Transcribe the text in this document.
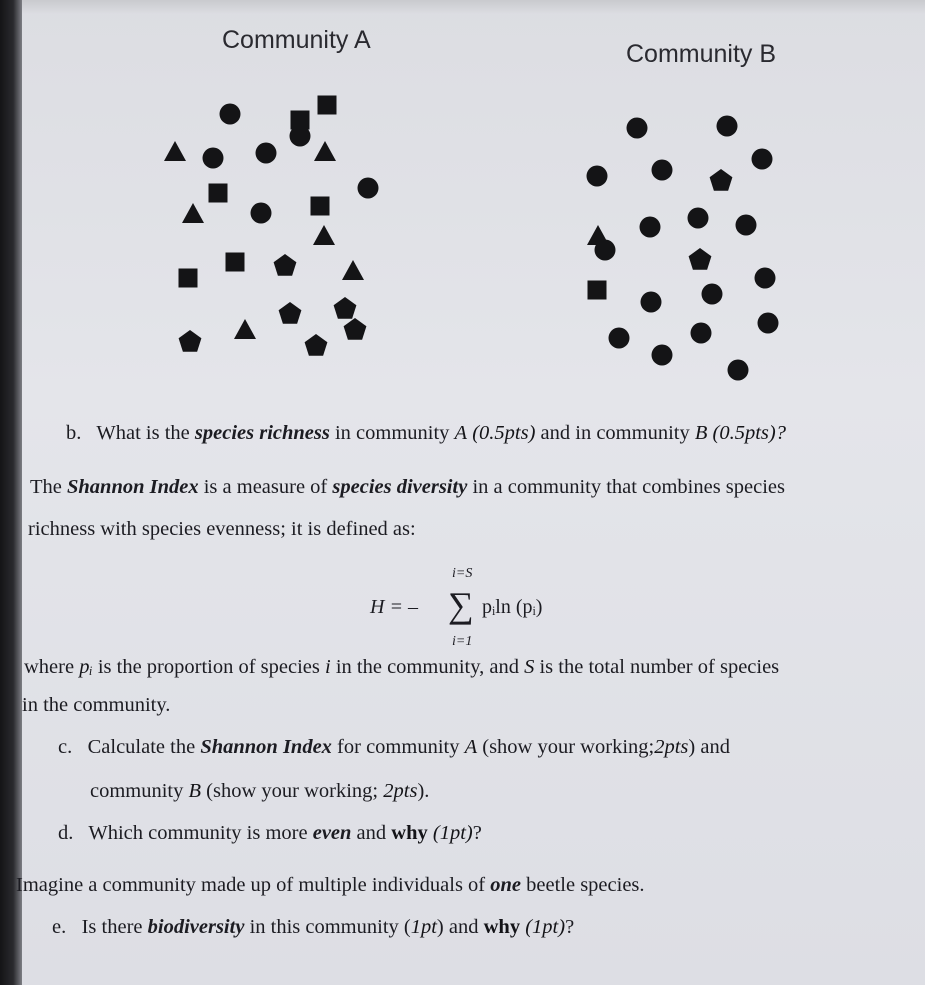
Community A	Community B
b. What is the species richness in community A (0.5pts) and in community B (0.5pts)?
The Shannon Index is a measure of species diversity in a community that combines species
richness with species evenness; it is defined as:
i=S
H = – ∑ pᵢln (pᵢ)
i=1
where pᵢ is the proportion of species i in the community, and S is the total number of species
in the community.
c. Calculate the Shannon Index for community A (show your working;2pts) and
community B (show your working; 2pts).
d. Which community is more even and why (1pt)?
Imagine a community made up of multiple individuals of one beetle species.
e. Is there biodiversity in this community (1pt) and why (1pt)?
